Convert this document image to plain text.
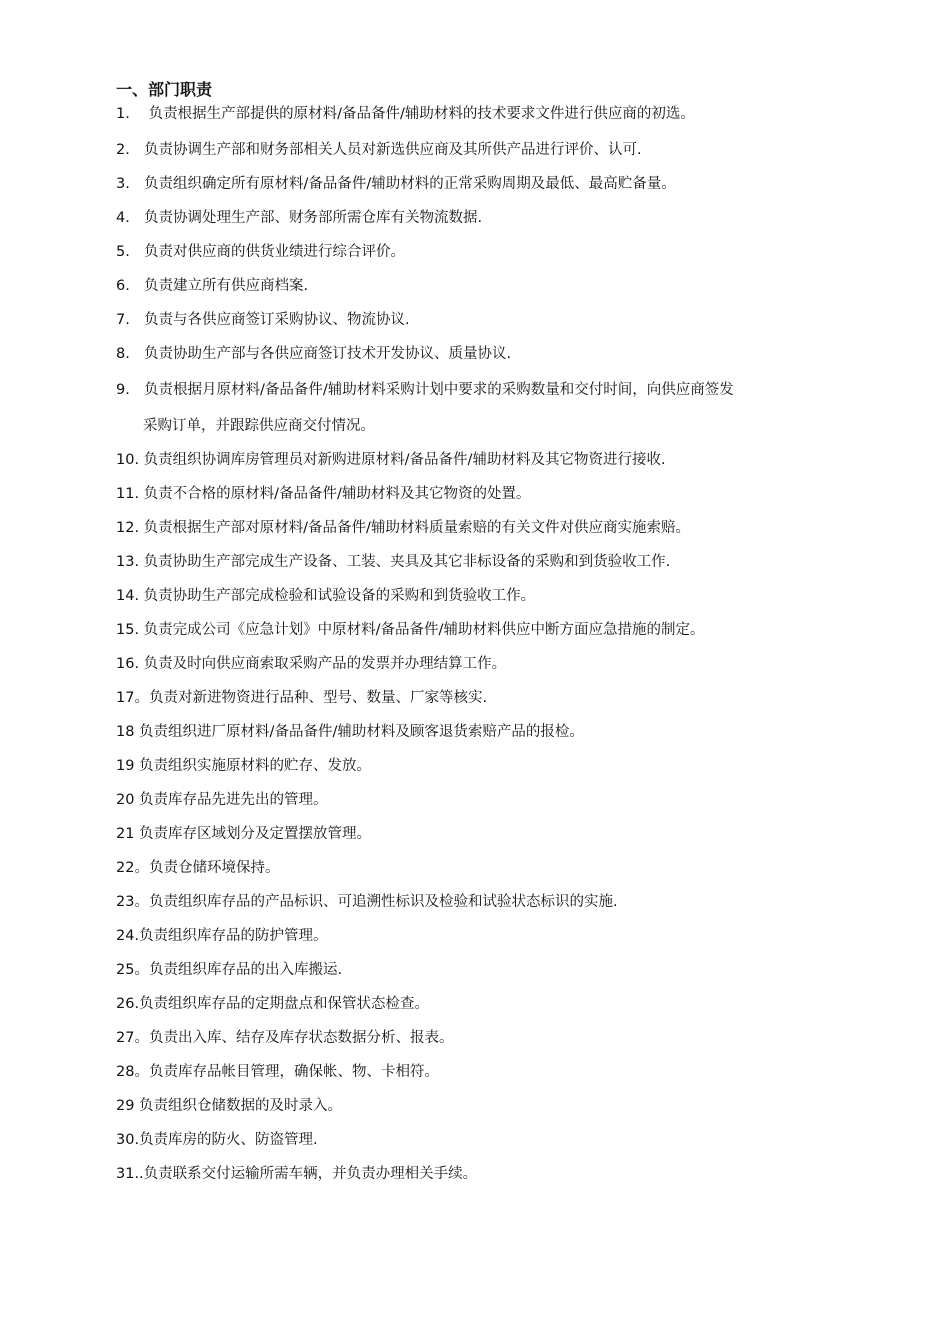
一、部门职责
1. 负责根据生产部提供的原材料/备品备件/辅助材料的技术要求文件进行供应商的初选。
2. 负责协调生产部和财务部相关人员对新选供应商及其所供产品进行评价、认可.
3. 负责组织确定所有原材料/备品备件/辅助材料的正常采购周期及最低、最高贮备量。
4. 负责协调处理生产部、财务部所需仓库有关物流数据.
5. 负责对供应商的供货业绩进行综合评价。
6. 负责建立所有供应商档案.
7. 负责与各供应商签订采购协议、物流协议.
8. 负责协助生产部与各供应商签订技术开发协议、质量协议.
9. 负责根据月原材料/备品备件/辅助材料采购计划中要求的采购数量和交付时间，向供应商签发
采购订单，并跟踪供应商交付情况。
10. 负责组织协调库房管理员对新购进原材料/备品备件/辅助材料及其它物资进行接收.
11. 负责不合格的原材料/备品备件/辅助材料及其它物资的处置。
12. 负责根据生产部对原材料/备品备件/辅助材料质量索赔的有关文件对供应商实施索赔。
13. 负责协助生产部完成生产设备、工装、夹具及其它非标设备的采购和到货验收工作.
14. 负责协助生产部完成检验和试验设备的采购和到货验收工作。
15. 负责完成公司《应急计划》中原材料/备品备件/辅助材料供应中断方面应急措施的制定。
16. 负责及时向供应商索取采购产品的发票并办理结算工作。
17。负责对新进物资进行品种、型号、数量、厂家等核实.
18 负责组织进厂原材料/备品备件/辅助材料及顾客退货索赔产品的报检。
19 负责组织实施原材料的贮存、发放。
20 负责库存品先进先出的管理。
21 负责库存区域划分及定置摆放管理。
22。负责仓储环境保持。
23。负责组织库存品的产品标识、可追溯性标识及检验和试验状态标识的实施.
24.负责组织库存品的防护管理。
25。负责组织库存品的出入库搬运.
26.负责组织库存品的定期盘点和保管状态检查。
27。负责出入库、结存及库存状态数据分析、报表。
28。负责库存品帐目管理，确保帐、物、卡相符。
29 负责组织仓储数据的及时录入。
30.负责库房的防火、防盗管理.
31..负责联系交付运输所需车辆，并负责办理相关手续。
